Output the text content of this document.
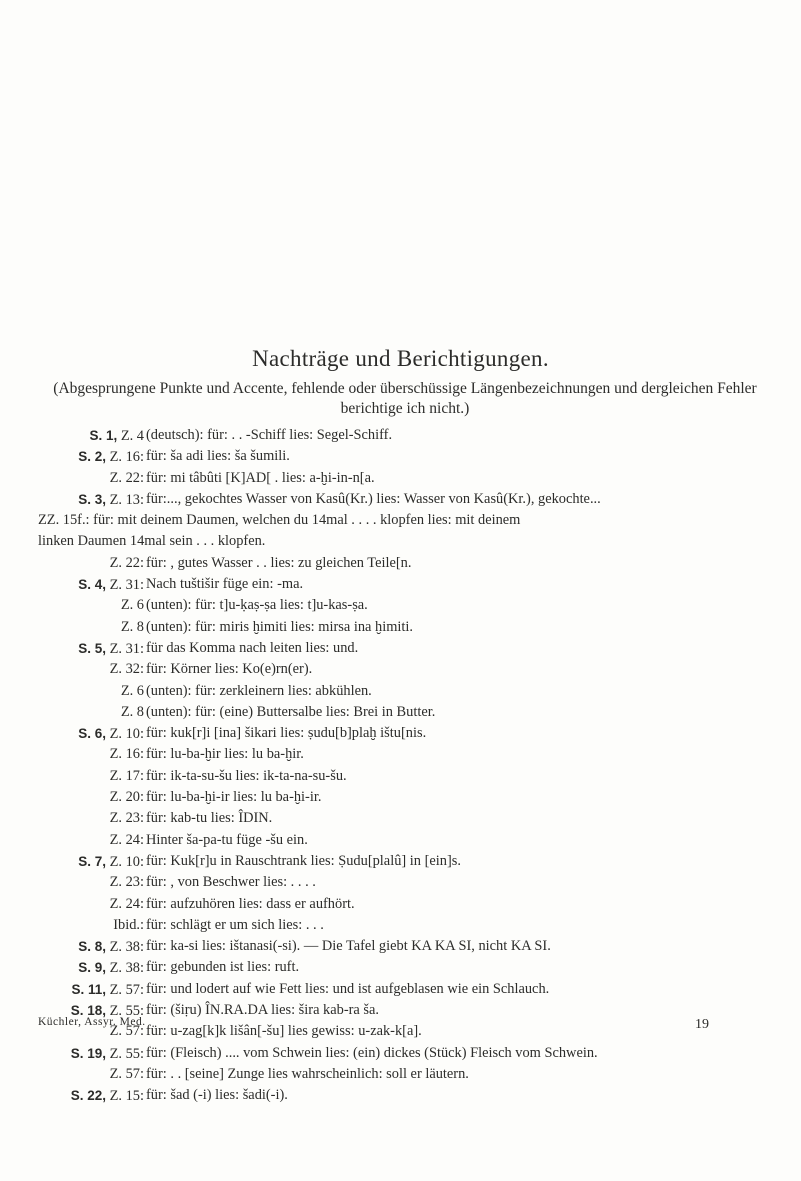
Nachträge und Berichtigungen.
(Abgesprungene Punkte und Accente, fehlende oder überschüssige Längenbezeichnungen und dergleichen Fehler berichtige ich nicht.)
S. 1, Z. 4 (deutsch): für: . . -Schiff lies: Segel-Schiff.
S. 2, Z. 16: für: ša adi lies: ša šumili.
Z. 22: für: mi tâbûti [K]AD[ . lies: a-ḫi-in-n[a.
S. 3, Z. 13: für:..., gekochtes Wasser von Kasû(Kr.) lies: Wasser von Kasû(Kr.), gekochte...
ZZ. 15f.: für: mit deinem Daumen, welchen du 14mal . . . . klopfen lies: mit deinem
linken Daumen 14mal sein . . . klopfen.
Z. 22: für: , gutes Wasser . . lies: zu gleichen Teile[n.
S. 4, Z. 31: Nach tuštišir füge ein: -ma.
Z. 6 (unten): für: t]u-ḳaṣ-ṣa lies: t]u-kas-ṣa.
Z. 8 (unten): für: miris ḫimiti lies: mirsa ina ḫimiti.
S. 5, Z. 31: für das Komma nach leiten lies: und.
Z. 32: für: Körner lies: Ko(e)rn(er).
Z. 6 (unten): für: zerkleinern lies: abkühlen.
Z. 8 (unten): für: (eine) Buttersalbe lies: Brei in Butter.
S. 6, Z. 10: für: kuk[r]i [ina] šikari lies: ṣudu[b]plaḫ ištu[nis.
Z. 16: für: lu-ba-ḫir lies: lu ba-ḫir.
Z. 17: für: ik-ta-su-šu lies: ik-ta-na-su-šu.
Z. 20: für: lu-ba-ḫi-ir lies: lu ba-ḫi-ir.
Z. 23: für: kab-tu lies: ÎDIN.
Z. 24: Hinter ša-pa-tu füge -šu ein.
S. 7, Z. 10: für: Kuk[r]u in Rauschtrank lies: Ṣudu[plalû] in [ein]s.
Z. 23: für: , von Beschwer lies: . . . .
Z. 24: für: aufzuhören lies: dass er aufhört.
Ibid.: für: schlägt er um sich lies: . . .
S. 8, Z. 38: für: ka-si lies: ištanasi(-si). — Die Tafel giebt KA KA SI, nicht KA SI.
S. 9, Z. 38: für: gebunden ist lies: ruft.
S. 11, Z. 57: für: und lodert auf wie Fett lies: und ist aufgeblasen wie ein Schlauch.
S. 18, Z. 55: für: (šiṛu) ÎN.RA.DA lies: šira kab-ra ša.
Z. 57: für: u-zag[k]k lišân[-šu] lies gewiss: u-zak-k[a].
S. 19, Z. 55: für: (Fleisch) .... vom Schwein lies: (ein) dickes (Stück) Fleisch vom Schwein.
Z. 57: für: . . [seine] Zunge lies wahrscheinlich: soll er läutern.
S. 22, Z. 15: für: šad (-i) lies: šadi(-i).
Küchler, Assyr. Med.	19
